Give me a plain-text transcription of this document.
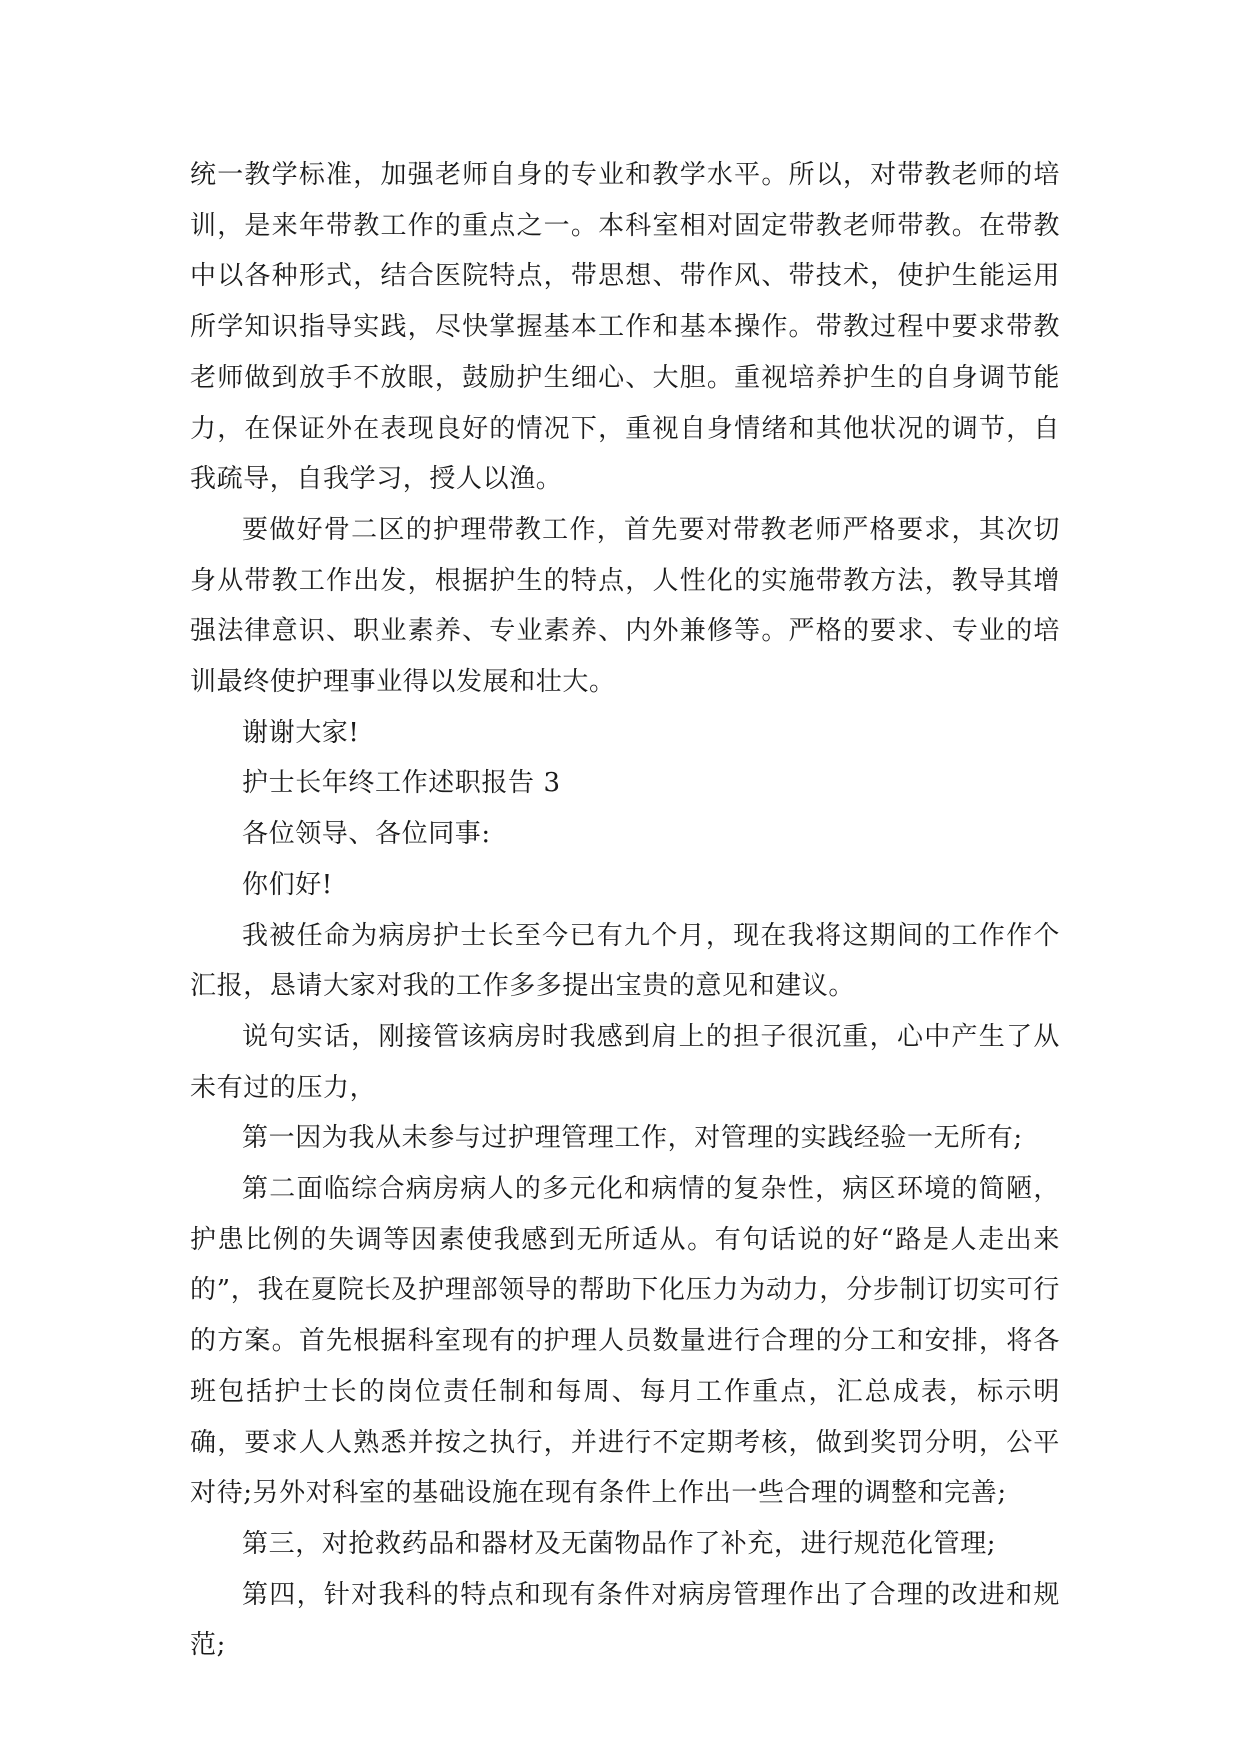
统一教学标准，加强老师自身的专业和教学水平。所以，对带教老师的培训，是来年带教工作的重点之一。本科室相对固定带教老师带教。在带教中以各种形式，结合医院特点，带思想、带作风、带技术，使护生能运用所学知识指导实践，尽快掌握基本工作和基本操作。带教过程中要求带教老师做到放手不放眼，鼓励护生细心、大胆。重视培养护生的自身调节能力，在保证外在表现良好的情况下，重视自身情绪和其他状况的调节，自我疏导，自我学习，授人以渔。

要做好骨二区的护理带教工作，首先要对带教老师严格要求，其次切身从带教工作出发，根据护生的特点，人性化的实施带教方法，教导其增强法律意识、职业素养、专业素养、内外兼修等。严格的要求、专业的培训最终使护理事业得以发展和壮大。

谢谢大家!

护士长年终工作述职报告 3

各位领导、各位同事:

你们好!

我被任命为病房护士长至今已有九个月，现在我将这期间的工作作个汇报，恳请大家对我的工作多多提出宝贵的意见和建议。

说句实话，刚接管该病房时我感到肩上的担子很沉重，心中产生了从未有过的压力，

第一因为我从未参与过护理管理工作，对管理的实践经验一无所有;

第二面临综合病房病人的多元化和病情的复杂性，病区环境的简陋，护患比例的失调等因素使我感到无所适从。有句话说的好“路是人走出来的”，我在夏院长及护理部领导的帮助下化压力为动力，分步制订切实可行的方案。首先根据科室现有的护理人员数量进行合理的分工和安排，将各班包括护士长的岗位责任制和每周、每月工作重点，汇总成表，标示明确，要求人人熟悉并按之执行，并进行不定期考核，做到奖罚分明，公平对待;另外对科室的基础设施在现有条件上作出一些合理的调整和完善;

第三，对抢救药品和器材及无菌物品作了补充，进行规范化管理;

第四，针对我科的特点和现有条件对病房管理作出了合理的改进和规范;
